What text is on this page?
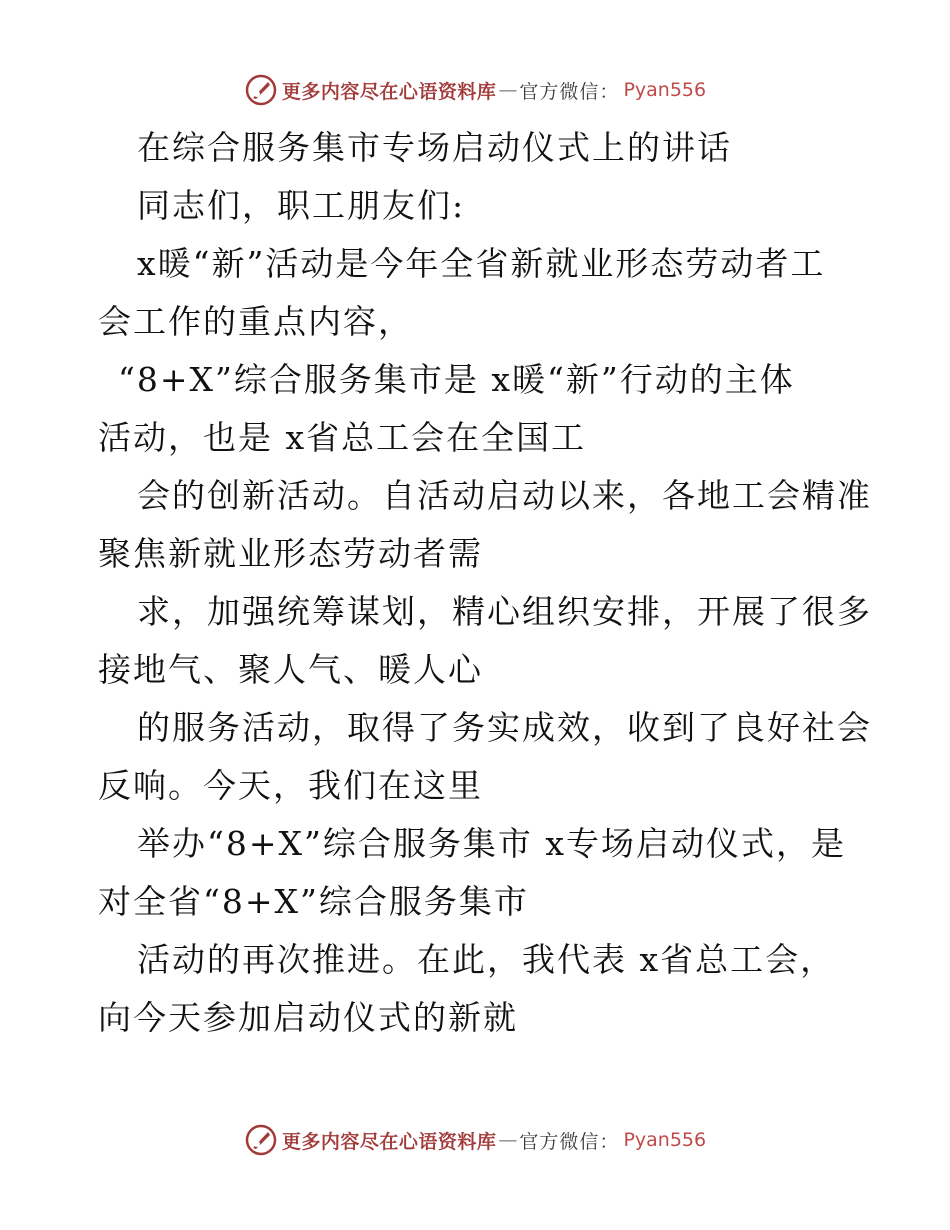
更多内容尽在心语资料库 — 官方微信： Pyan556
在综合服务集市专场启动仪式上的讲话
同志们，职工朋友们:
x暖“新”活动是今年全省新就业形态劳动者工
会工作的重点内容，
“8+X”综合服务集市是 x暖“新”行动的主体
活动，也是 x省总工会在全国工
会的创新活动。自活动启动以来，各地工会精准
聚焦新就业形态劳动者需
求，加强统筹谋划，精心组织安排，开展了很多
接地气、聚人气、暖人心
的服务活动，取得了务实成效，收到了良好社会
反响。今天，我们在这里
举办“8+X”综合服务集市 x专场启动仪式，是
对全省“8+X”综合服务集市
活动的再次推进。在此，我代表 x省总工会，
向今天参加启动仪式的新就
更多内容尽在心语资料库 — 官方微信： Pyan556
